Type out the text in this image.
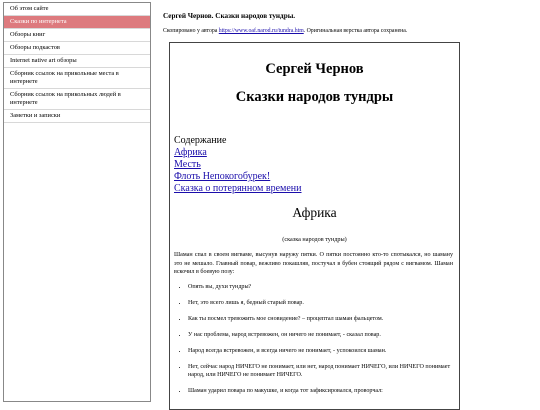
Об этом сайте
Сказки по интернета
Обзоры книг
Обзоры подкастов
Internet native art обзоры
Сборник ссылок на прикольные места в интернете
Сборник ссылок на прикольных людей в интернете
Заметки и записки
Сергей Чернов. Сказки народов тундры.
Скопировано у автора https://www.oaf.narod.ru/tundra.htm. Оригинальная верстка автора сохранена.
Сергей Чернов
Сказки народов тундры
Содержание
Африка
Месть
Флоть Непокогобурек!
Сказка о потерянном времени
Африка
(сказка народов тундры)
Шаман спал в своем вигваме, высунув наружу пятки. О пятки постоянно кто-то спотыкался, но шаману это не мешало. Главный повар, вежливо покашляв, постучал в бубен стоящий рядом с вигвамом. Шаман вскочил в боевую позу:
• Опять вы, духи тундры?
• Нет, это всего лишь я, бедный старый повар.
• Как ты посмел тревожить мое сновидение? – процептал шаман фальцетом.
• У нас проблема, народ встревожен, он ничего не понимает, - сказал повар.
• Народ всегда встревожен, и всегда ничего не понимает, - успокоился шаман.
• Нет, сейчас народ НИЧЕГО не понимает, или нет, народ понимает НИЧЕГО, или НИЧЕГО понимает народ, или НИЧЕГО не понимает НИЧЕГО.
• Шаман ударил повара по макушке, и когда тот зафиксировался, проворчал:
